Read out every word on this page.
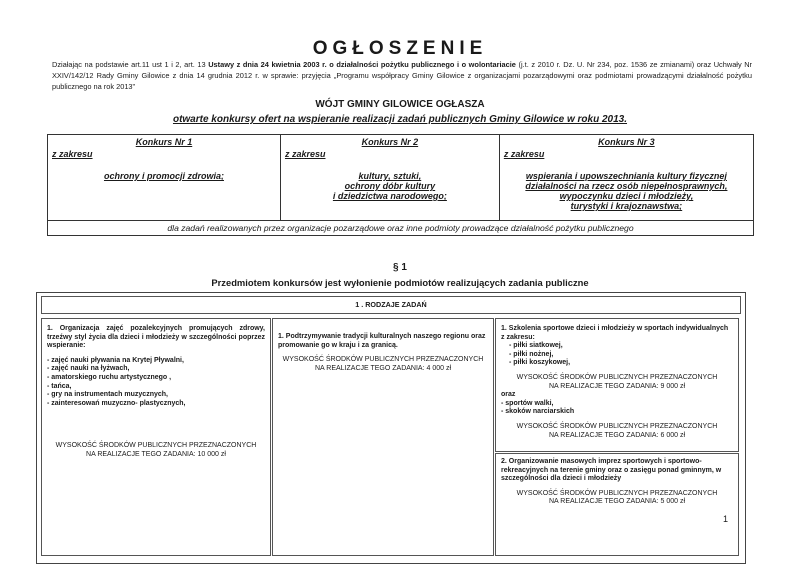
OGŁOSZENIE
Działając na podstawie art.11 ust 1 i 2, art. 13 Ustawy z dnia 24 kwietnia 2003 r. o działalności pożytku publicznego i o wolontariacie (j.t. z 2010 r. Dz. U. Nr 234, poz. 1536 ze zmianami) oraz Uchwały Nr XXIV/142/12 Rady Gminy Gilowice z dnia 14 grudnia 2012 r. w sprawie: przyjęcia „Programu współpracy Gminy Gilowice z organizacjami pozarządowymi oraz podmiotami prowadzącymi działalność pożytku publicznego na rok 2013”
WÓJT GMINY GILOWICE OGŁASZA
otwarte konkursy ofert na wspieranie realizacji zadań publicznych Gminy Gilowice w roku 2013.
Konkurs Nr 1
z zakresu
ochrony i promocji zdrowia;

Konkurs Nr 2
z zakresu
kultury, sztuki,
ochrony dóbr kultury
i dziedzictwa narodowego;

Konkurs Nr 3
z zakresu
wspierania i upowszechniania kultury fizycznej
działalności na rzecz osób niepełnosprawnych,
wypoczynku dzieci i młodzieży,
turystyki i krajoznawstwa;

dla zadań realizowanych przez organizacje pozarządowe oraz inne podmioty prowadzące działalność pożytku publicznego
§ 1
Przedmiotem konkursów jest wyłonienie podmiotów realizujących zadania publiczne
1 . RODZAJE ZADAŃ
1. Organizacja zajęć pozalekcyjnych promujących zdrowy, trzeźwy styl życia dla dzieci i młodzieży w szczególności poprzez wspieranie:
- zajęć nauki pływania na Krytej Pływalni,
- zajęć nauki na łyżwach,
- amatorskiego ruchu artystycznego ,
- tańca,
- gry na instrumentach muzycznych,
- zainteresowań muzyczno- plastycznych,
WYSOKOŚĆ ŚRODKÓW PUBLICZNYCH PRZEZNACZONYCH
NA REALIZACJE TEGO ZADANIA: 10 000 zł
1. Podtrzymywanie tradycji kulturalnych naszego regionu oraz promowanie go w kraju i za granicą.
WYSOKOŚĆ ŚRODKÓW PUBLICZNYCH PRZEZNACZONYCH
NA REALIZACJE TEGO ZADANIA: 4 000 zł
1. Szkolenia sportowe dzieci i młodzieży w sportach indywidualnych z zakresu:
- piłki siatkowej,
- piłki nożnej,
- piłki koszykowej,
WYSOKOŚĆ ŚRODKÓW PUBLICZNYCH PRZEZNACZONYCH
NA REALIZACJE TEGO ZADANIA: 9 000 zł
oraz
- sportów walki,
- skoków narciarskich
WYSOKOŚĆ ŚRODKÓW PUBLICZNYCH PRZEZNACZONYCH
NA REALIZACJE TEGO ZADANIA: 6 000 zł
2. Organizowanie masowych imprez sportowych i sportowo-rekreacyjnych na terenie gminy oraz o zasięgu ponad gminnym, w szczególności dla dzieci i młodzieży
WYSOKOŚĆ ŚRODKÓW PUBLICZNYCH PRZEZNACZONYCH
NA REALIZACJE TEGO ZADANIA: 5 000 zł
1
